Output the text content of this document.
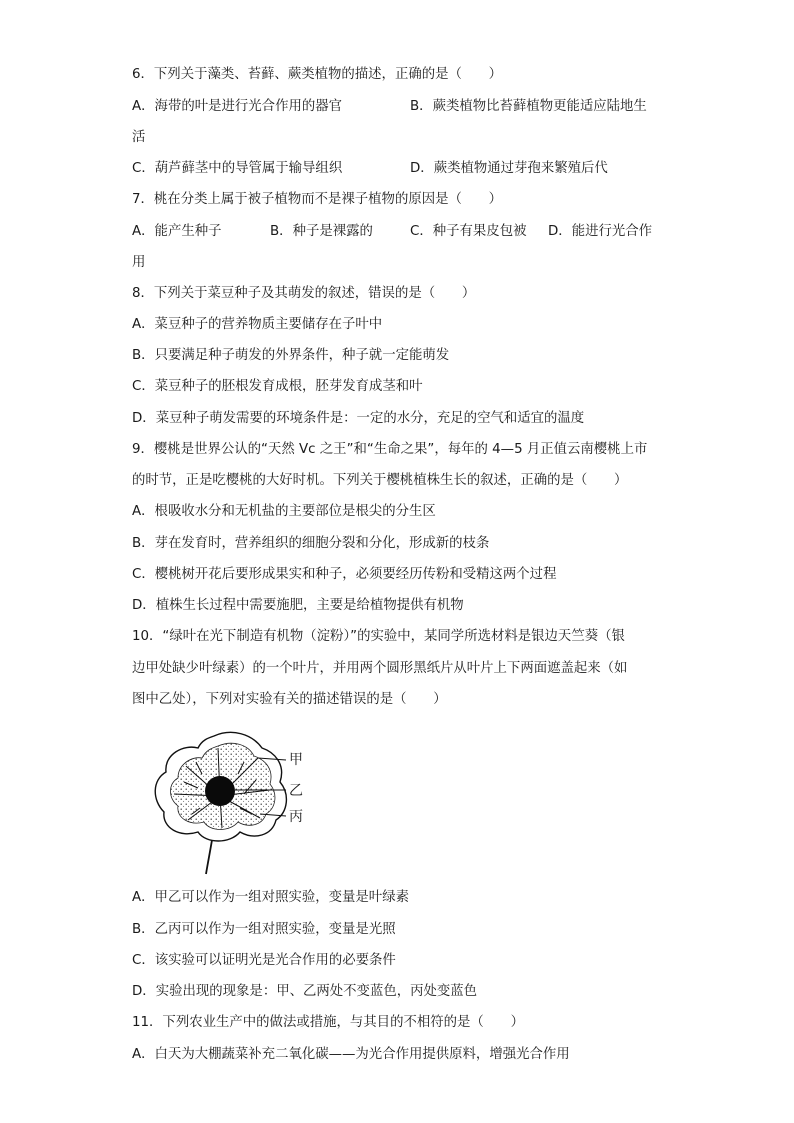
6．下列关于藻类、苔藓、蕨类植物的描述，正确的是（　　）
A．海带的叶是进行光合作用的器官	B．蕨类植物比苔藓植物更能适应陆地生
活
C．葫芦藓茎中的导管属于输导组织	D．蕨类植物通过芽孢来繁殖后代
7．桃在分类上属于被子植物而不是裸子植物的原因是（　　）
A．能产生种子	B．种子是裸露的	C．种子有果皮包被 D．能进行光合作
用
8．下列关于菜豆种子及其萌发的叙述，错误的是（　　）
A．菜豆种子的营养物质主要储存在子叶中
B．只要满足种子萌发的外界条件，种子就一定能萌发
C．菜豆种子的胚根发育成根，胚芽发育成茎和叶
D．菜豆种子萌发需要的环境条件是：一定的水分，充足的空气和适宜的温度
9．樱桃是世界公认的“天然 Vc 之王”和“生命之果”，每年的 4—5 月正值云南樱桃上市
的时节，正是吃樱桃的大好时机。下列关于樱桃植株生长的叙述，正确的是（　　）
A．根吸收水分和无机盐的主要部位是根尖的分生区
B．芽在发育时，营养组织的细胞分裂和分化，形成新的枝条
C．樱桃树开花后要形成果实和种子，必须要经历传粉和受精这两个过程
D．植株生长过程中需要施肥，主要是给植物提供有机物
10．“绿叶在光下制造有机物（淀粉）”的实验中，某同学所选材料是银边天竺葵（银
边甲处缺少叶绿素）的一个叶片，并用两个圆形黑纸片从叶片上下两面遮盖起来（如
图中乙处），下列对实验有关的描述错误的是（　　）
甲
乙
丙
A．甲乙可以作为一组对照实验，变量是叶绿素
B．乙丙可以作为一组对照实验，变量是光照
C．该实验可以证明光是光合作用的必要条件
D．实验出现的现象是：甲、乙两处不变蓝色，丙处变蓝色
11．下列农业生产中的做法或措施，与其目的不相符的是（　　）
A．白天为大棚蔬菜补充二氧化碳——为光合作用提供原料，增强光合作用
